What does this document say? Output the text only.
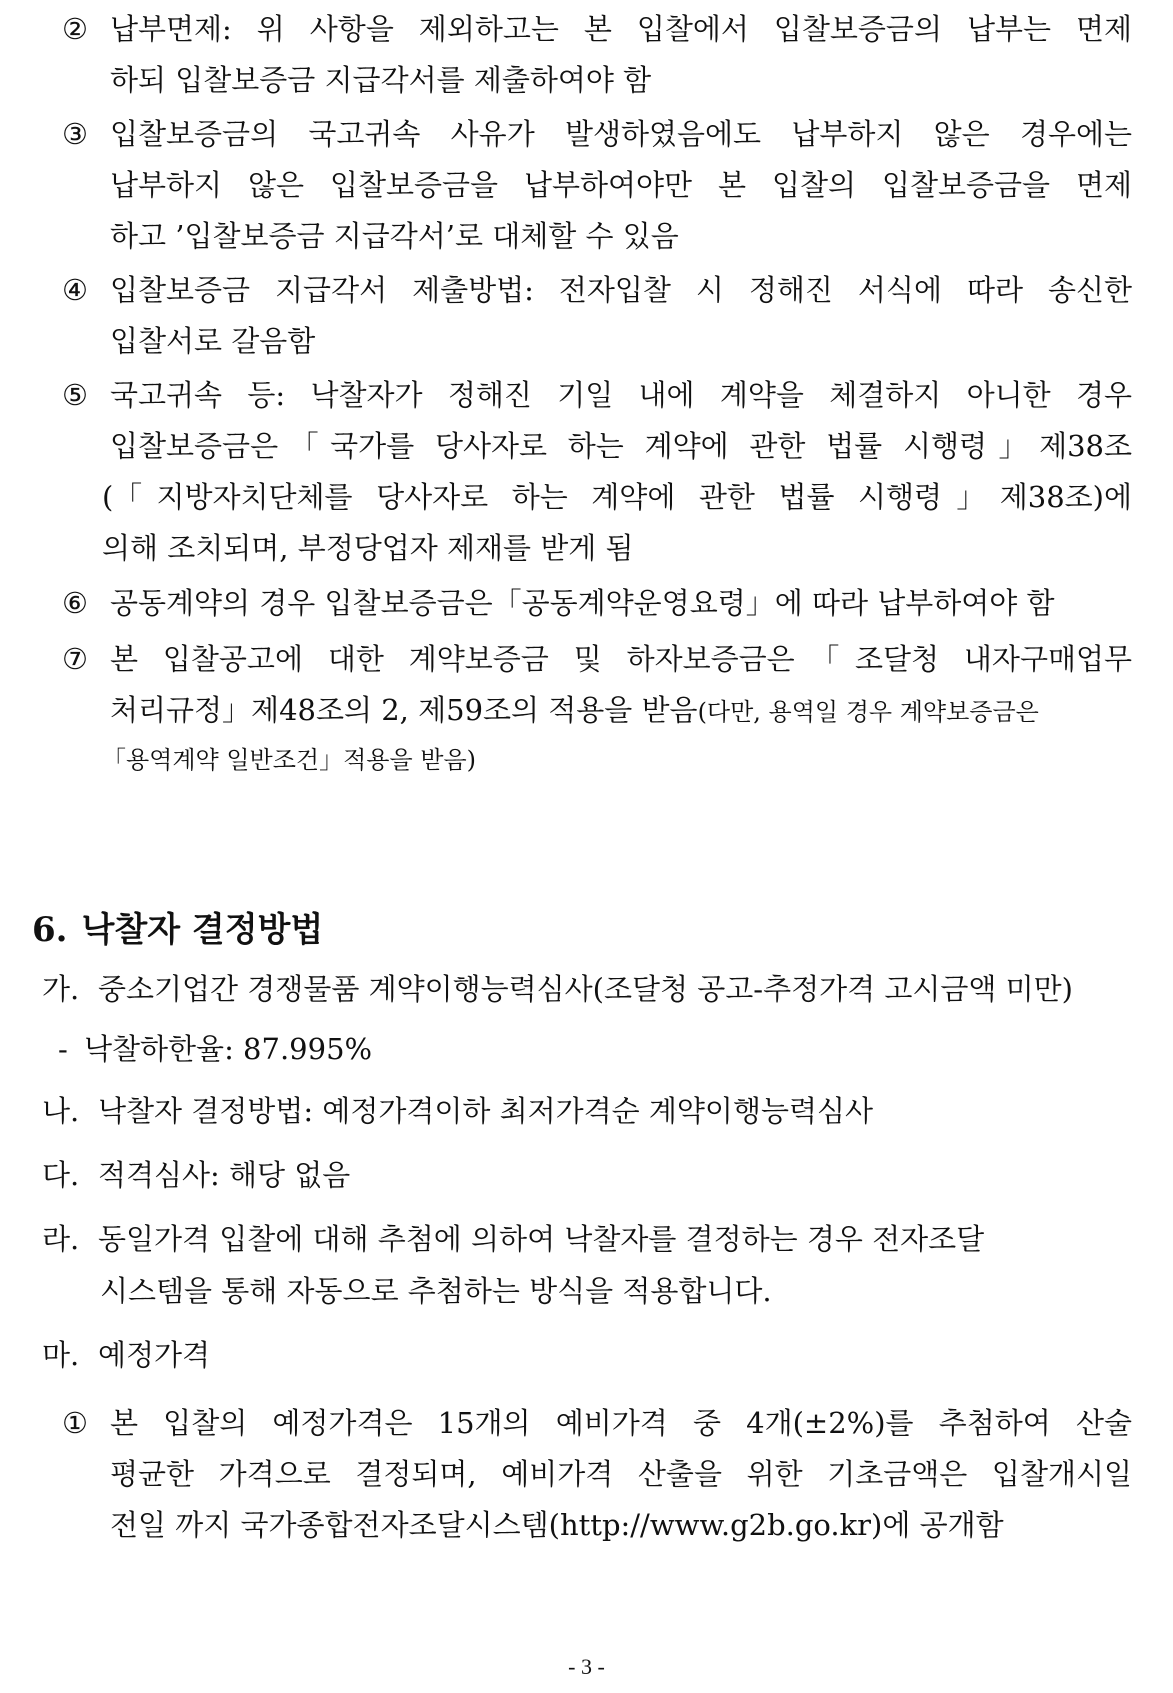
② 납부면제: 위 사항을 제외하고는 본 입찰에서 입찰보증금의 납부는 면제
하되 입찰보증금 지급각서를 제출하여야 함
③ 입찰보증금의 국고귀속 사유가 발생하였음에도 납부하지 않은 경우에는
납부하지 않은 입찰보증금을 납부하여야만 본 입찰의 입찰보증금을 면제
하고 ’입찰보증금 지급각서’로 대체할 수 있음
④ 입찰보증금 지급각서 제출방법: 전자입찰 시 정해진 서식에 따라 송신한
입찰서로 갈음함
⑤ 국고귀속 등: 낙찰자가 정해진 기일 내에 계약을 체결하지 아니한 경우
입찰보증금은「국가를 당사자로 하는 계약에 관한 법률 시행령」제38조
(「지방자치단체를 당사자로 하는 계약에 관한 법률 시행령」제38조)에
의해 조치되며, 부정당업자 제재를 받게 됨
⑥ 공동계약의 경우 입찰보증금은「공동계약운영요령」에 따라 납부하여야 함
⑦ 본 입찰공고에 대한 계약보증금 및 하자보증금은「조달청 내자구매업무
처리규정」제48조의 2, 제59조의 적용을 받음(다만, 용역일 경우 계약보증금은
「용역계약 일반조건」적용을 받음)
6. 낙찰자 결정방법
가. 중소기업간 경쟁물품 계약이행능력심사(조달청 공고-추정가격 고시금액 미만)
- 낙찰하한율: 87.995%
나. 낙찰자 결정방법: 예정가격이하 최저가격순 계약이행능력심사
다. 적격심사: 해당 없음
라. 동일가격 입찰에 대해 추첨에 의하여 낙찰자를 결정하는 경우 전자조달
시스템을 통해 자동으로 추첨하는 방식을 적용합니다.
마. 예정가격
① 본 입찰의 예정가격은 15개의 예비가격 중 4개(±2%)를 추첨하여 산술
평균한 가격으로 결정되며, 예비가격 산출을 위한 기초금액은 입찰개시일
전일 까지 국가종합전자조달시스템(http://www.g2b.go.kr)에 공개함
- 3 -
